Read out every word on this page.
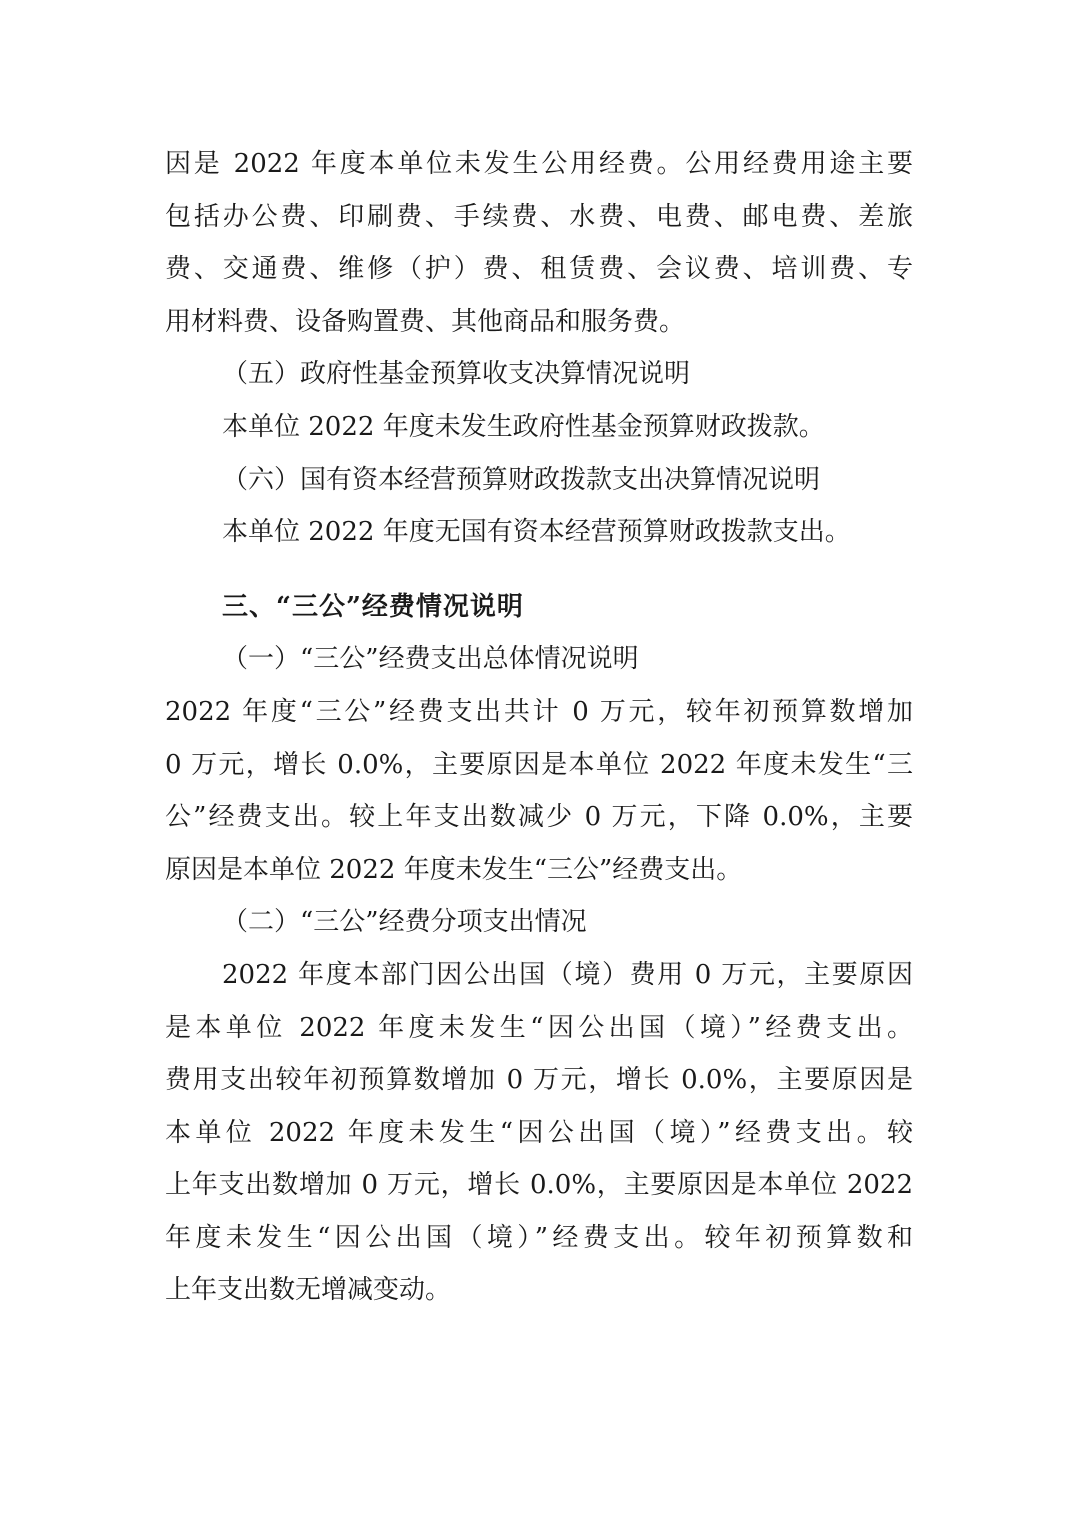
因是 2022 年度本单位未发生公用经费。公用经费用途主要
包括办公费、印刷费、手续费、水费、电费、邮电费、差旅
费、交通费、维修（护）费、租赁费、会议费、培训费、专
用材料费、设备购置费、其他商品和服务费。
（五）政府性基金预算收支决算情况说明
本单位 2022 年度未发生政府性基金预算财政拨款。
（六）国有资本经营预算财政拨款支出决算情况说明
本单位 2022 年度无国有资本经营预算财政拨款支出。
三、“三公”经费情况说明
（一）“三公”经费支出总体情况说明
2022 年度“三公”经费支出共计 0 万元，较年初预算数增加
0 万元，增长 0.0%，主要原因是本单位 2022 年度未发生“三
公”经费支出。较上年支出数减少 0 万元，下降 0.0%，主要
原因是本单位 2022 年度未发生“三公”经费支出。
（二）“三公”经费分项支出情况
2022 年度本部门因公出国（境）费用 0 万元，主要原因
是本单位 2022 年度未发生“因公出国（境）”经费支出。
费用支出较年初预算数增加 0 万元，增长 0.0%，主要原因是
本单位 2022 年度未发生“因公出国（境）”经费支出。较
上年支出数增加 0 万元，增长 0.0%，主要原因是本单位 2022
年度未发生“因公出国（境）”经费支出。较年初预算数和
上年支出数无增减变动。
